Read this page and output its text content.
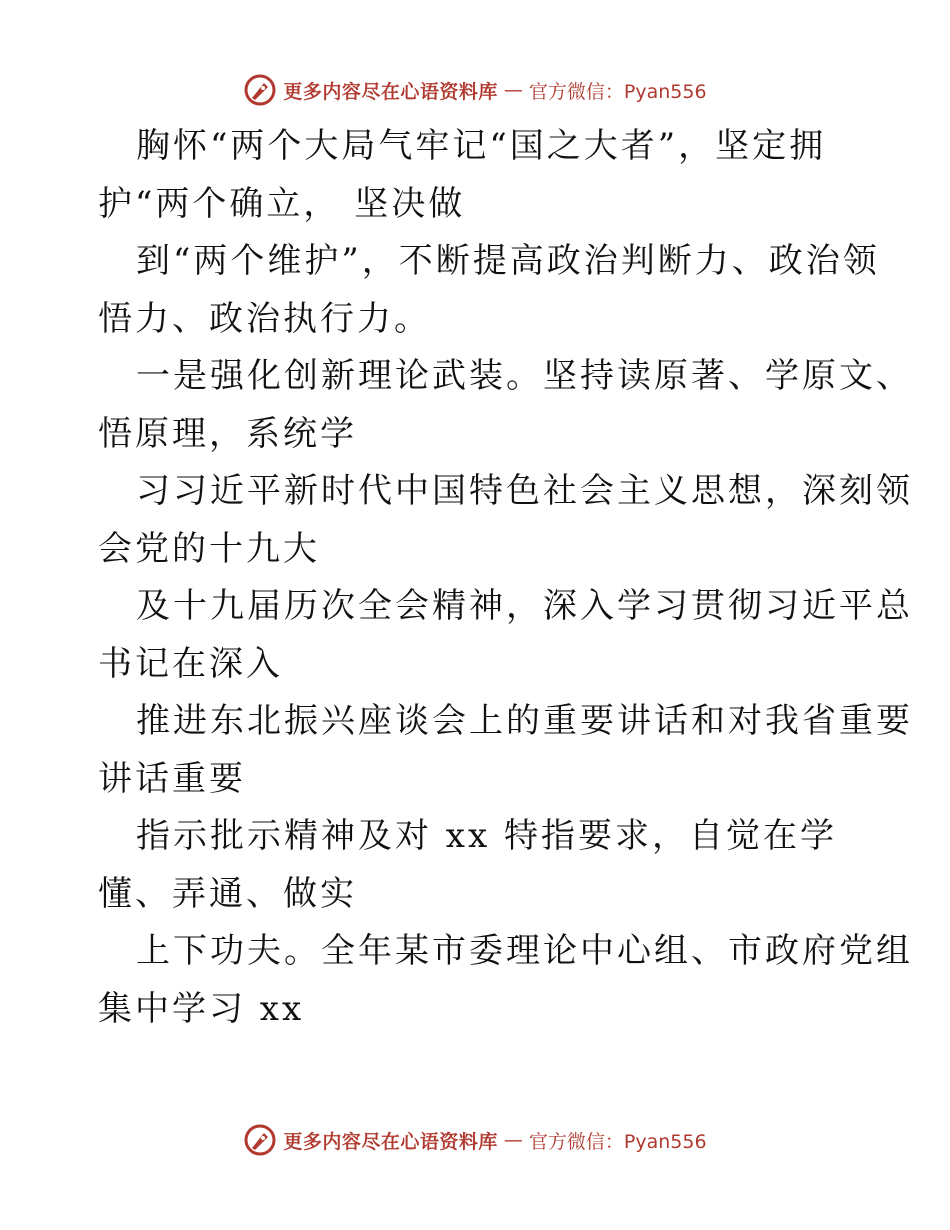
更多内容尽在心语资料库 — 官方微信：Pyan556
胸怀“两个大局气牢记“国之大者”，坚定拥
护“两个确立， 坚决做
到“两个维护”，不断提高政治判断力、政治领
悟力、政治执行力。
一是强化创新理论武装。坚持读原著、学原文、
悟原理，系统学
习习近平新时代中国特色社会主义思想，深刻领
会党的十九大
及十九届历次全会精神，深入学习贯彻习近平总
书记在深入
推进东北振兴座谈会上的重要讲话和对我省重要
讲话重要
指示批示精神及对 xx 特指要求，自觉在学
懂、弄通、做实
上下功夫。全年某市委理论中心组、市政府党组
集中学习 xx
更多内容尽在心语资料库 — 官方微信：Pyan556
